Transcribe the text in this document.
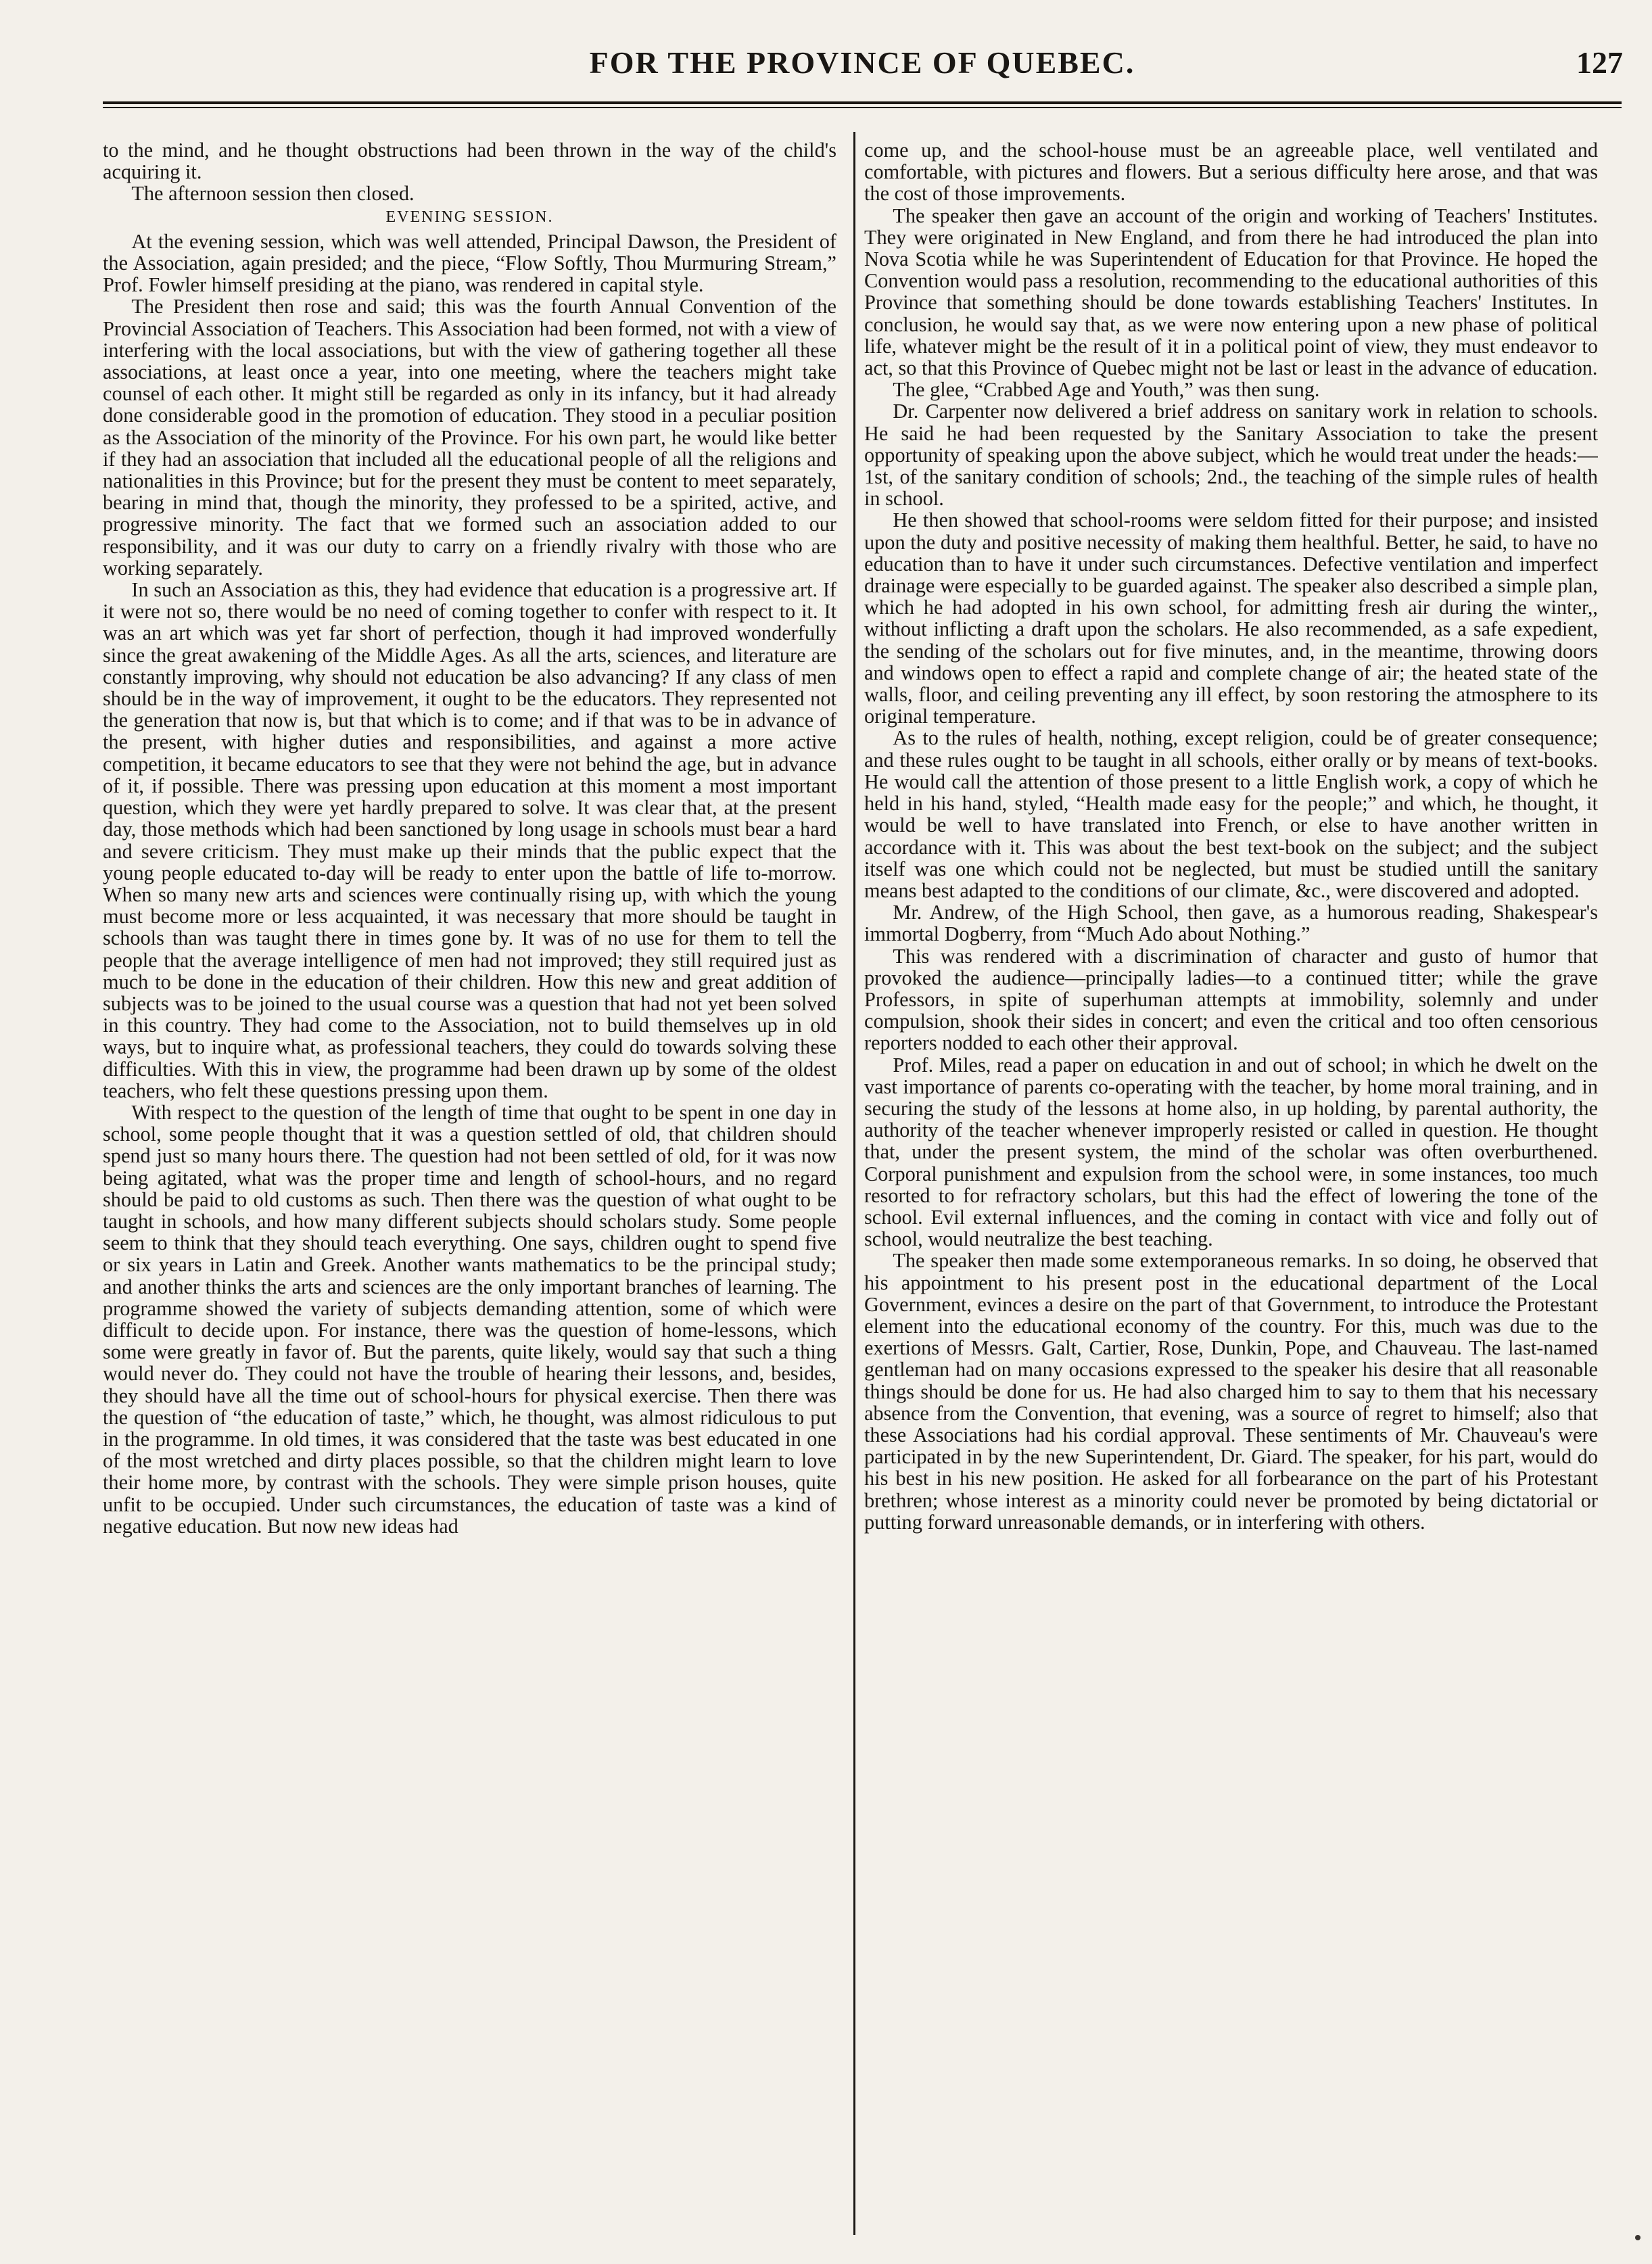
FOR THE PROVINCE OF QUEBEC.	127

to the mind, and he thought obstructions had been thrown in the way of the child's acquiring it.

The afternoon session then closed.

EVENING SESSION.

At the evening session, which was well attended, Principal Dawson, the President of the Association, again presided; and the piece, “Flow Softly, Thou Murmuring Stream,” Prof. Fowler himself presiding at the piano, was rendered in capital style.

The President then rose and said; this was the fourth Annual Convention of the Provincial Association of Teachers. This Association had been formed, not with a view of interfering with the local associations, but with the view of gathering together all these associations, at least once a year, into one meeting, where the teachers might take counsel of each other. It might still be regarded as only in its infancy, but it had already done considerable good in the promotion of education. They stood in a peculiar position as the Association of the minority of the Province. For his own part, he would like better if they had an association that included all the educational people of all the religions and nationalities in this Province; but for the present they must be content to meet separately, bearing in mind that, though the minority, they professed to be a spirited, active, and progressive minority. The fact that we formed such an association added to our responsibility, and it was our duty to carry on a friendly rivalry with those who are working separately.

In such an Association as this, they had evidence that education is a progressive art. If it were not so, there would be no need of coming together to confer with respect to it. It was an art which was yet far short of perfection, though it had improved wonderfully since the great awakening of the Middle Ages. As all the arts, sciences, and literature are constantly improving, why should not education be also advancing? If any class of men should be in the way of improvement, it ought to be the educators. They represented not the generation that now is, but that which is to come; and if that was to be in advance of the present, with higher duties and responsibilities, and against a more active competition, it became educators to see that they were not behind the age, but in advance of it, if possible. There was pressing upon education at this moment a most important question, which they were yet hardly prepared to solve. It was clear that, at the present day, those methods which had been sanctioned by long usage in schools must bear a hard and severe criticism. They must make up their minds that the public expect that the young people educated to-day will be ready to enter upon the battle of life to-morrow. When so many new arts and sciences were continually rising up, with which the young must become more or less acquainted, it was necessary that more should be taught in schools than was taught there in times gone by. It was of no use for them to tell the people that the average intelligence of men had not improved; they still required just as much to be done in the education of their children. How this new and great addition of subjects was to be joined to the usual course was a question that had not yet been solved in this country. They had come to the Association, not to build themselves up in old ways, but to inquire what, as professional teachers, they could do towards solving these difficulties. With this in view, the programme had been drawn up by some of the oldest teachers, who felt these questions pressing upon them.

With respect to the question of the length of time that ought to be spent in one day in school, some people thought that it was a question settled of old, that children should spend just so many hours there. The question had not been settled of old, for it was now being agitated, what was the proper time and length of school-hours, and no regard should be paid to old customs as such. Then there was the question of what ought to be taught in schools, and how many different subjects should scholars study. Some people seem to think that they should teach everything. One says, children ought to spend five or six years in Latin and Greek. Another wants mathematics to be the principal study; and another thinks the arts and sciences are the only important branches of learning. The programme showed the variety of subjects demanding attention, some of which were difficult to decide upon. For instance, there was the question of home-lessons, which some were greatly in favor of. But the parents, quite likely, would say that such a thing would never do. They could not have the trouble of hearing their lessons, and, besides, they should have all the time out of school-hours for physical exercise. Then there was the question of “the education of taste,” which, he thought, was almost ridiculous to put in the programme. In old times, it was considered that the taste was best educated in one of the most wretched and dirty places possible, so that the children might learn to love their home more, by contrast with the schools. They were simple prison houses, quite unfit to be occupied. Under such circumstances, the education of taste was a kind of negative education. But now new ideas had

come up, and the school-house must be an agreeable place, well ventilated and comfortable, with pictures and flowers. But a serious difficulty here arose, and that was the cost of those improvements.

The speaker then gave an account of the origin and working of Teachers' Institutes. They were originated in New England, and from there he had introduced the plan into Nova Scotia while he was Superintendent of Education for that Province. He hoped the Convention would pass a resolution, recommending to the educational authorities of this Province that something should be done towards establishing Teachers' Institutes. In conclusion, he would say that, as we were now entering upon a new phase of political life, whatever might be the result of it in a political point of view, they must endeavor to act, so that this Province of Quebec might not be last or least in the advance of education.

The glee, “Crabbed Age and Youth,” was then sung.

Dr. Carpenter now delivered a brief address on sanitary work in relation to schools. He said he had been requested by the Sanitary Association to take the present opportunity of speaking upon the above subject, which he would treat under the heads:— 1st, of the sanitary condition of schools; 2nd., the teaching of the simple rules of health in school.

He then showed that school-rooms were seldom fitted for their purpose; and insisted upon the duty and positive necessity of making them healthful. Better, he said, to have no education than to have it under such circumstances. Defective ventilation and imperfect drainage were especially to be guarded against. The speaker also described a simple plan, which he had adopted in his own school, for admitting fresh air during the winter,, without inflicting a draft upon the scholars. He also recommended, as a safe expedient, the sending of the scholars out for five minutes, and, in the meantime, throwing doors and windows open to effect a rapid and complete change of air; the heated state of the walls, floor, and ceiling preventing any ill effect, by soon restoring the atmosphere to its original temperature.

As to the rules of health, nothing, except religion, could be of greater consequence; and these rules ought to be taught in all schools, either orally or by means of text-books. He would call the attention of those present to a little English work, a copy of which he held in his hand, styled, “Health made easy for the people;” and which, he thought, it would be well to have translated into French, or else to have another written in accordance with it. This was about the best text-book on the subject; and the subject itself was one which could not be neglected, but must be studied untill the sanitary means best adapted to the conditions of our climate, &c., were discovered and adopted.

Mr. Andrew, of the High School, then gave, as a humorous reading, Shakespear's immortal Dogberry, from “Much Ado about Nothing.”

This was rendered with a discrimination of character and gusto of humor that provoked the audience—principally ladies—to a continued titter; while the grave Professors, in spite of superhuman attempts at immobility, solemnly and under compulsion, shook their sides in concert; and even the critical and too often censorious reporters nodded to each other their approval.

Prof. Miles, read a paper on education in and out of school; in which he dwelt on the vast importance of parents co-operating with the teacher, by home moral training, and in securing the study of the lessons at home also, in up holding, by parental authority, the authority of the teacher whenever improperly resisted or called in question. He thought that, under the present system, the mind of the scholar was often overburthened. Corporal punishment and expulsion from the school were, in some instances, too much resorted to for refractory scholars, but this had the effect of lowering the tone of the school. Evil external influences, and the coming in contact with vice and folly out of school, would neutralize the best teaching.

The speaker then made some extemporaneous remarks. In so doing, he observed that his appointment to his present post in the educational department of the Local Government, evinces a desire on the part of that Government, to introduce the Protestant element into the educational economy of the country. For this, much was due to the exertions of Messrs. Galt, Cartier, Rose, Dunkin, Pope, and Chauveau. The last-named gentleman had on many occasions expressed to the speaker his desire that all reasonable things should be done for us. He had also charged him to say to them that his necessary absence from the Convention, that evening, was a source of regret to himself; also that these Associations had his cordial approval. These sentiments of Mr. Chauveau's were participated in by the new Superintendent, Dr. Giard. The speaker, for his part, would do his best in his new position. He asked for all forbearance on the part of his Protestant brethren; whose interest as a minority could never be promoted by being dictatorial or putting forward unreasonable demands, or in interfering with others.
